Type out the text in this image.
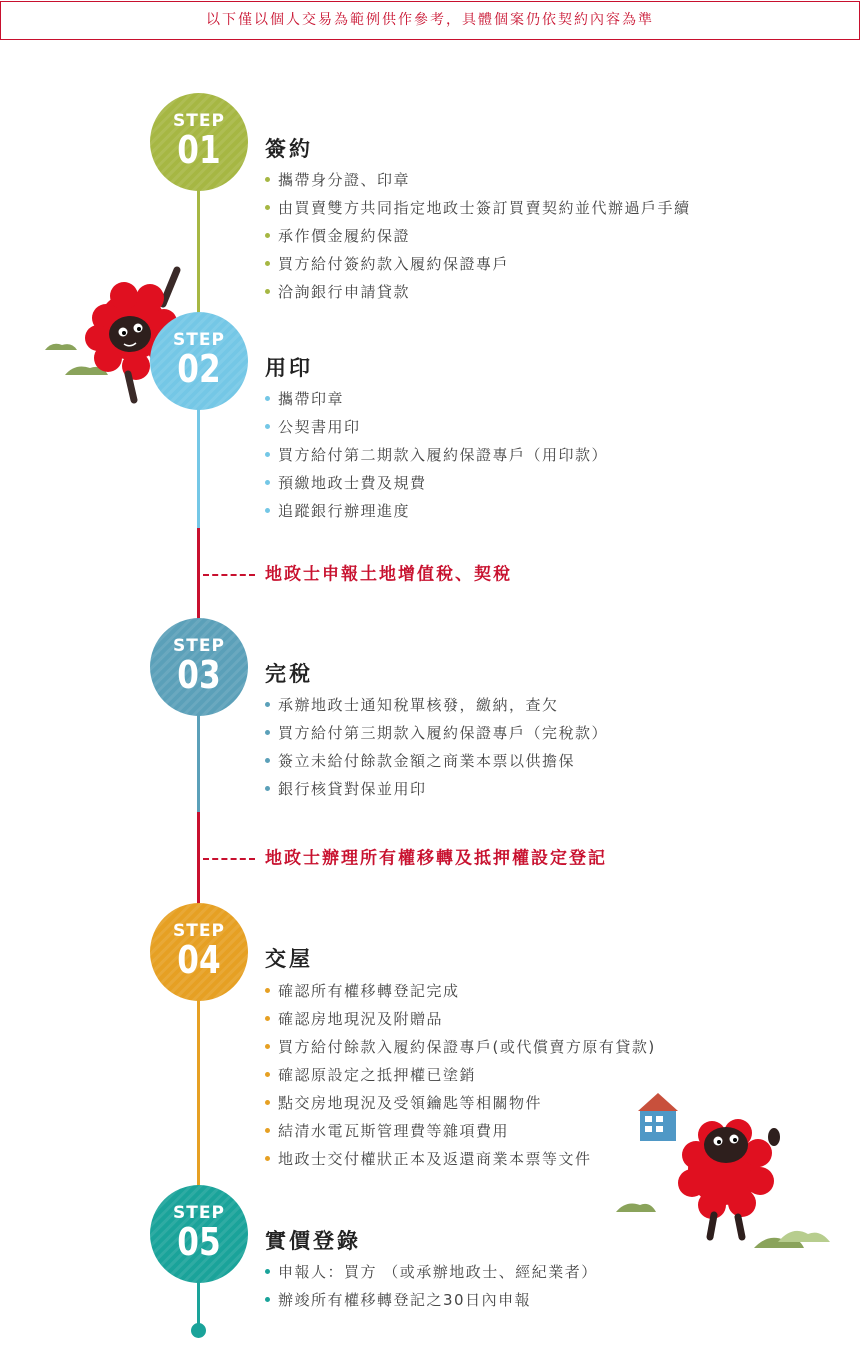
以下僅以個人交易為範例供作參考，具體個案仍依契約內容為準
STEP
01	簽約
攜帶身分證、印章
由買賣雙方共同指定地政士簽訂買賣契約並代辦過戶手續
承作價金履約保證
買方給付簽約款入履約保證專戶
洽詢銀行申請貸款
STEP
02	用印
攜帶印章
公契書用印
買方給付第二期款入履約保證專戶（用印款）
預繳地政士費及規費
追蹤銀行辦理進度
地政士申報土地增值稅、契稅
STEP
03	完稅
承辦地政士通知稅單核發，繳納，查欠
買方給付第三期款入履約保證專戶（完稅款）
簽立未給付餘款金額之商業本票以供擔保
銀行核貸對保並用印
地政士辦理所有權移轉及抵押權設定登記
STEP
04	交屋
確認所有權移轉登記完成
確認房地現況及附贈品
買方給付餘款入履約保證專戶(或代償賣方原有貸款)
確認原設定之抵押權已塗銷
點交房地現況及受領鑰匙等相關物件
結清水電瓦斯管理費等雜項費用
地政士交付權狀正本及返還商業本票等文件
STEP
05	實價登錄
申報人：買方 （或承辦地政士、經紀業者）
辦竣所有權移轉登記之30日內申報
